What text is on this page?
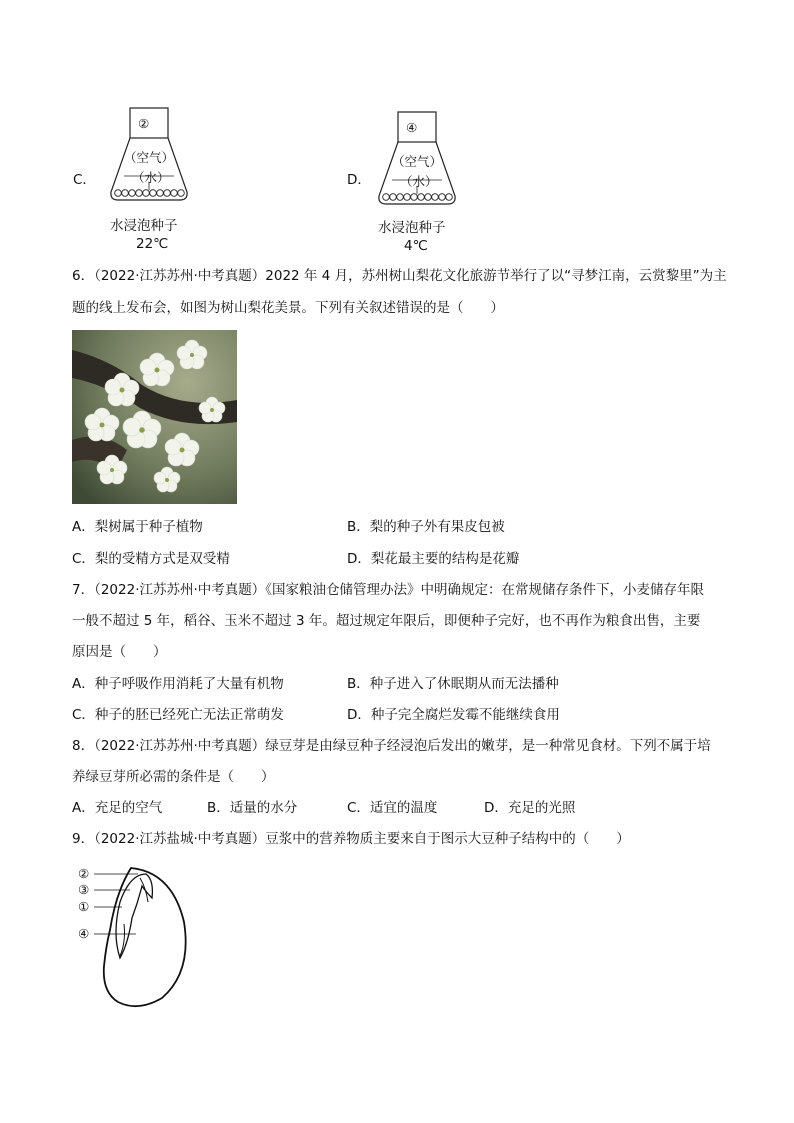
C．
②
（空气）
（水）
水浸泡种子
22℃
D．
④
（空气）
（水）
水浸泡种子
4℃
6．（2022·江苏苏州·中考真题）2022 年 4 月，苏州树山梨花文化旅游节举行了以“寻梦江南，云赏黎里”为主
题的线上发布会，如图为树山梨花美景。下列有关叙述错误的是（　　）
A．梨树属于种子植物	B．梨的种子外有果皮包被
C．梨的受精方式是双受精	D．梨花最主要的结构是花瓣
7．（2022·江苏苏州·中考真题）《国家粮油仓储管理办法》中明确规定：在常规储存条件下，小麦储存年限
一般不超过 5 年，稻谷、玉米不超过 3 年。超过规定年限后，即便种子完好，也不再作为粮食出售，主要
原因是（　　）
A．种子呼吸作用消耗了大量有机物	B．种子进入了休眠期从而无法播种
C．种子的胚已经死亡无法正常萌发	D．种子完全腐烂发霉不能继续食用
8．（2022·江苏苏州·中考真题）绿豆芽是由绿豆种子经浸泡后发出的嫩芽，是一种常见食材。下列不属于培
养绿豆芽所必需的条件是（　　）
A．充足的空气	B．适量的水分	C．适宜的温度	D．充足的光照
9．（2022·江苏盐城·中考真题）豆浆中的营养物质主要来自于图示大豆种子结构中的（　　）
②
③
①
④
